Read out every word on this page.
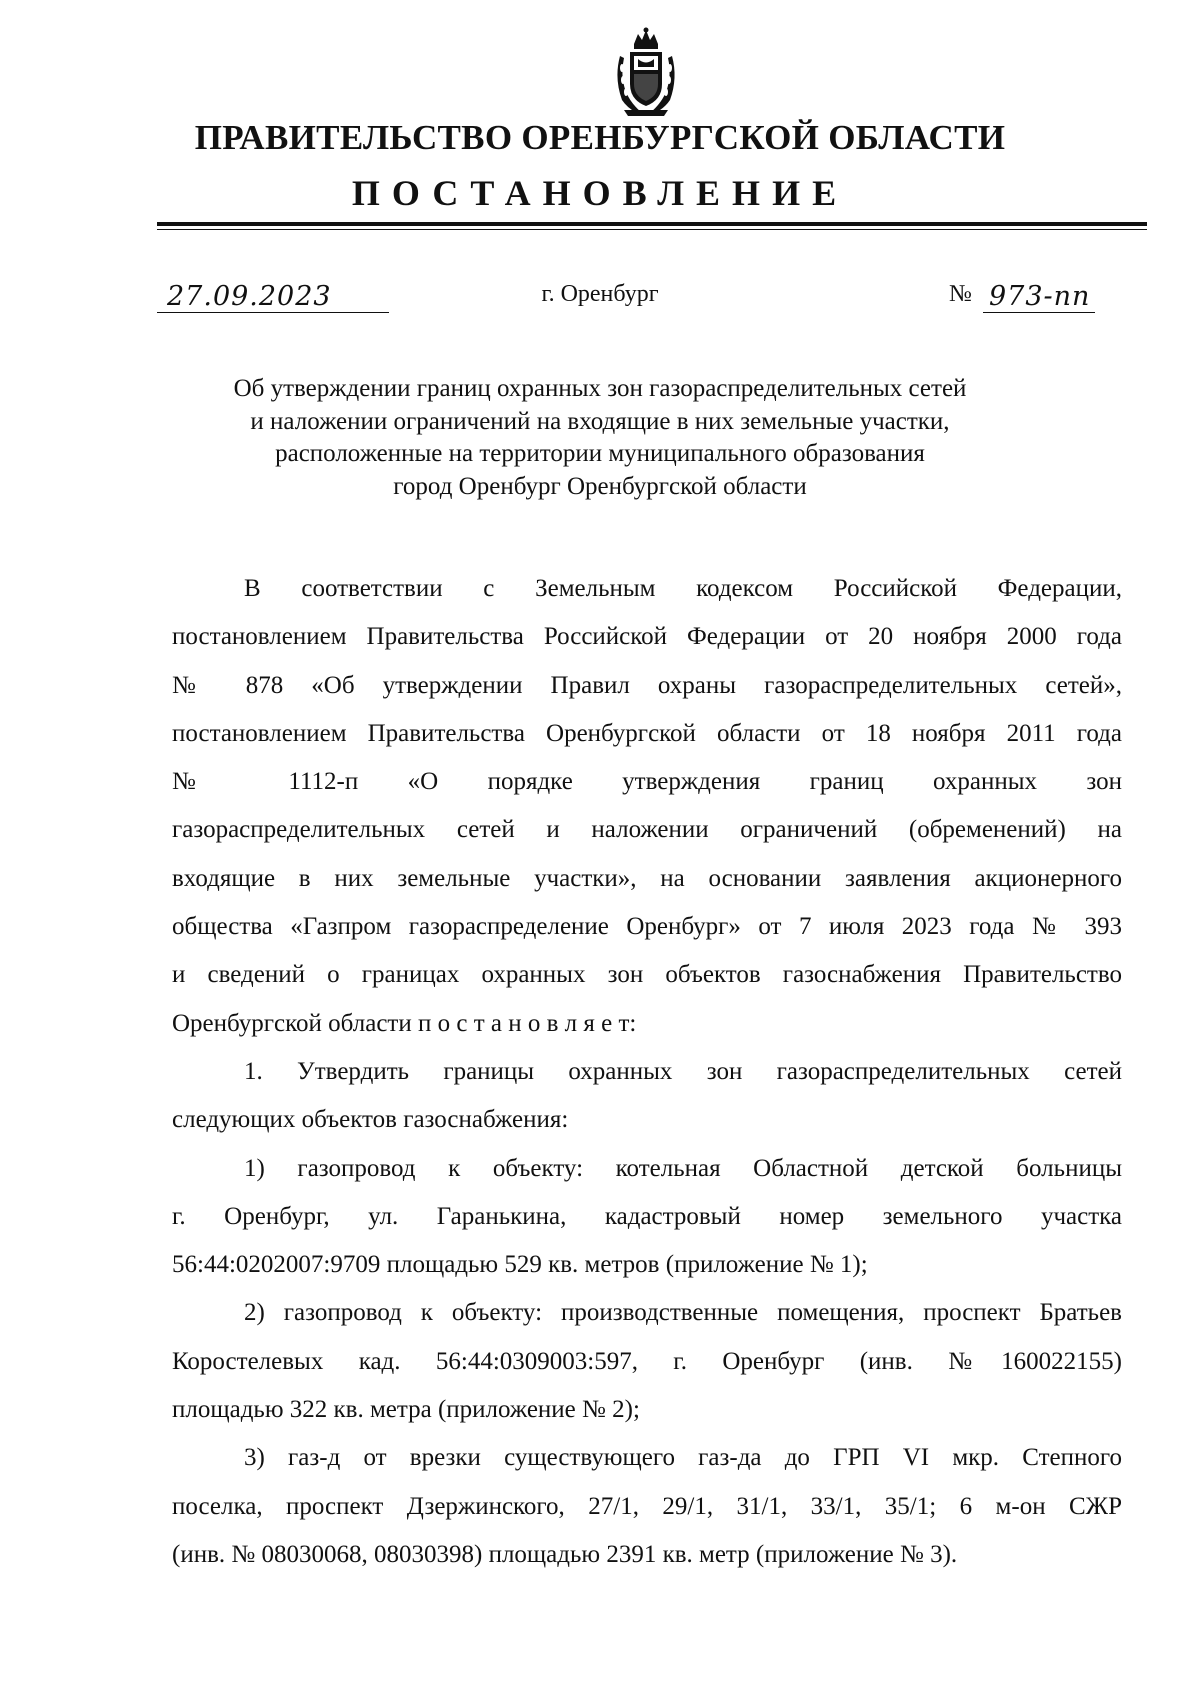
ПРАВИТЕЛЬСТВО ОРЕНБУРГСКОЙ ОБЛАСТИ
ПОСТАНОВЛЕНИЕ
27.09.2023	г. Оренбург	№ 973-пп
Об утверждении границ охранных зон газораспределительных сетей
и наложении ограничений на входящие в них земельные участки,
расположенные на территории муниципального образования
город Оренбург Оренбургской области
В соответствии с Земельным кодексом Российской Федерации,
постановлением Правительства Российской Федерации от 20 ноября 2000 года
№ 878 «Об утверждении Правил охраны газораспределительных сетей»,
постановлением Правительства Оренбургской области от 18 ноября 2011 года
№ 1112-п «О порядке утверждения границ охранных зон
газораспределительных сетей и наложении ограничений (обременений) на
входящие в них земельные участки», на основании заявления акционерного
общества «Газпром газораспределение Оренбург» от 7 июля 2023 года № 393
и сведений о границах охранных зон объектов газоснабжения Правительство
Оренбургской области п о с т а н о в л я е т:
1. Утвердить границы охранных зон газораспределительных сетей
следующих объектов газоснабжения:
1) газопровод к объекту: котельная Областной детской больницы
г. Оренбург, ул. Гаранькина, кадастровый номер земельного участка
56:44:0202007:9709 площадью 529 кв. метров (приложение № 1);
2) газопровод к объекту: производственные помещения, проспект Братьев
Коростелевых кад. 56:44:0309003:597, г. Оренбург (инв. №160022155)
площадью 322 кв. метра (приложение № 2);
3) газ-д от врезки существующего газ-да до ГРП VI мкр. Степного
поселка, проспект Дзержинского, 27/1, 29/1, 31/1, 33/1, 35/1; 6 м-он СЖР
(инв. № 08030068, 08030398) площадью 2391 кв. метр (приложение № 3).
